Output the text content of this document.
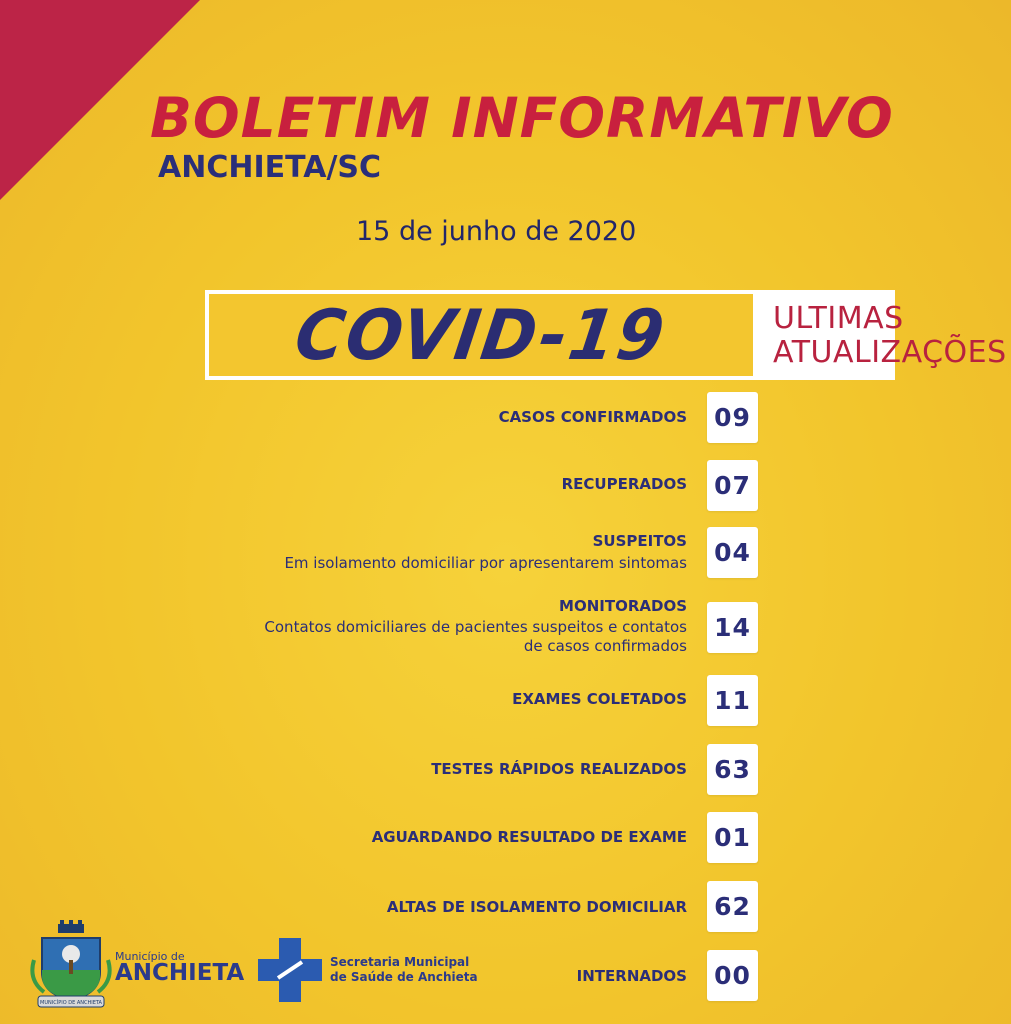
BOLETIM INFORMATIVO
ANCHIETA/SC
15 de junho de 2020
COVID-19	ULTIMAS
ATUALIZAÇÕES
CASOS CONFIRMADOS 09
RECUPERADOS 07
SUSPEITOS
Em isolamento domiciliar por apresentarem sintomas 04
MONITORADOS
Contatos domiciliares de pacientes suspeitos e contatos
de casos confirmados
14
EXAMES COLETADOS 11
TESTES RÁPIDOS REALIZADOS 63
AGUARDANDO RESULTADO DE EXAME 01
ALTAS DE ISOLAMENTO DOMICILIAR 62
INTERNADOS 00
MUNICÍPIO DE ANCHIETA
Município de
ANCHIETA	Secretaria Municipal
de Saúde de Anchieta
